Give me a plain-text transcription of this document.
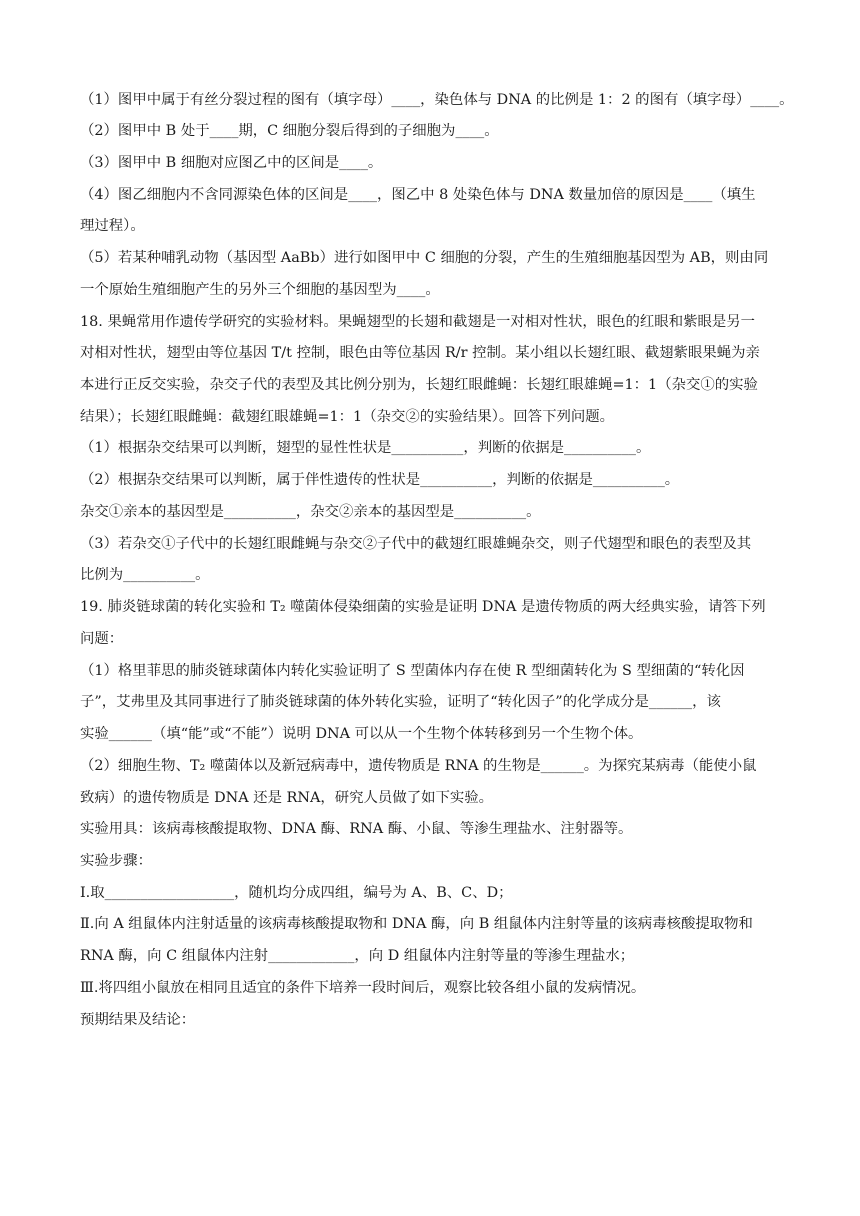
（1）图甲中属于有丝分裂过程的图有（填字母）____，染色体与 DNA 的比例是 1：2 的图有（填字母）____。
（2）图甲中 B 处于____期，C 细胞分裂后得到的子细胞为____。
（3）图甲中 B 细胞对应图乙中的区间是____。
（4）图乙细胞内不含同源染色体的区间是____，图乙中 8 处染色体与 DNA 数量加倍的原因是____（填生
理过程）。
（5）若某种哺乳动物（基因型 AaBb）进行如图甲中 C 细胞的分裂，产生的生殖细胞基因型为 AB，则由同
一个原始生殖细胞产生的另外三个细胞的基因型为____。
18. 果蝇常用作遗传学研究的实验材料。果蝇翅型的长翅和截翅是一对相对性状，眼色的红眼和紫眼是另一
对相对性状，翅型由等位基因 T/t 控制，眼色由等位基因 R/r 控制。某小组以长翅红眼、截翅紫眼果蝇为亲
本进行正反交实验，杂交子代的表型及其比例分别为，长翅红眼雌蝇：长翅红眼雄蝇=1：1（杂交①的实验
结果）；长翅红眼雌蝇：截翅红眼雄蝇=1：1（杂交②的实验结果）。回答下列问题。
（1）根据杂交结果可以判断，翅型的显性性状是__________，判断的依据是__________。
（2）根据杂交结果可以判断，属于伴性遗传的性状是__________，判断的依据是__________。
杂交①亲本的基因型是__________，杂交②亲本的基因型是__________。
（3）若杂交①子代中的长翅红眼雌蝇与杂交②子代中的截翅红眼雄蝇杂交，则子代翅型和眼色的表型及其
比例为__________。
19. 肺炎链球菌的转化实验和 T₂ 噬菌体侵染细菌的实验是证明 DNA 是遗传物质的两大经典实验，请答下列
问题：
（1）格里菲思的肺炎链球菌体内转化实验证明了 S 型菌体内存在使 R 型细菌转化为 S 型细菌的“转化因
子”，艾弗里及其同事进行了肺炎链球菌的体外转化实验，证明了“转化因子”的化学成分是______，该
实验______（填“能”或“不能”）说明 DNA 可以从一个生物个体转移到另一个生物个体。
（2）细胞生物、T₂ 噬菌体以及新冠病毒中，遗传物质是 RNA 的生物是______。为探究某病毒（能使小鼠
致病）的遗传物质是 DNA 还是 RNA，研究人员做了如下实验。
实验用具：该病毒核酸提取物、DNA 酶、RNA 酶、小鼠、等渗生理盐水、注射器等。
实验步骤：
Ⅰ.取__________________，随机均分成四组，编号为 A、B、C、D；
Ⅱ.向 A 组鼠体内注射适量的该病毒核酸提取物和 DNA 酶，向 B 组鼠体内注射等量的该病毒核酸提取物和
RNA 酶，向 C 组鼠体内注射____________，向 D 组鼠体内注射等量的等渗生理盐水；
Ⅲ.将四组小鼠放在相同且适宜的条件下培养一段时间后，观察比较各组小鼠的发病情况。
预期结果及结论：
